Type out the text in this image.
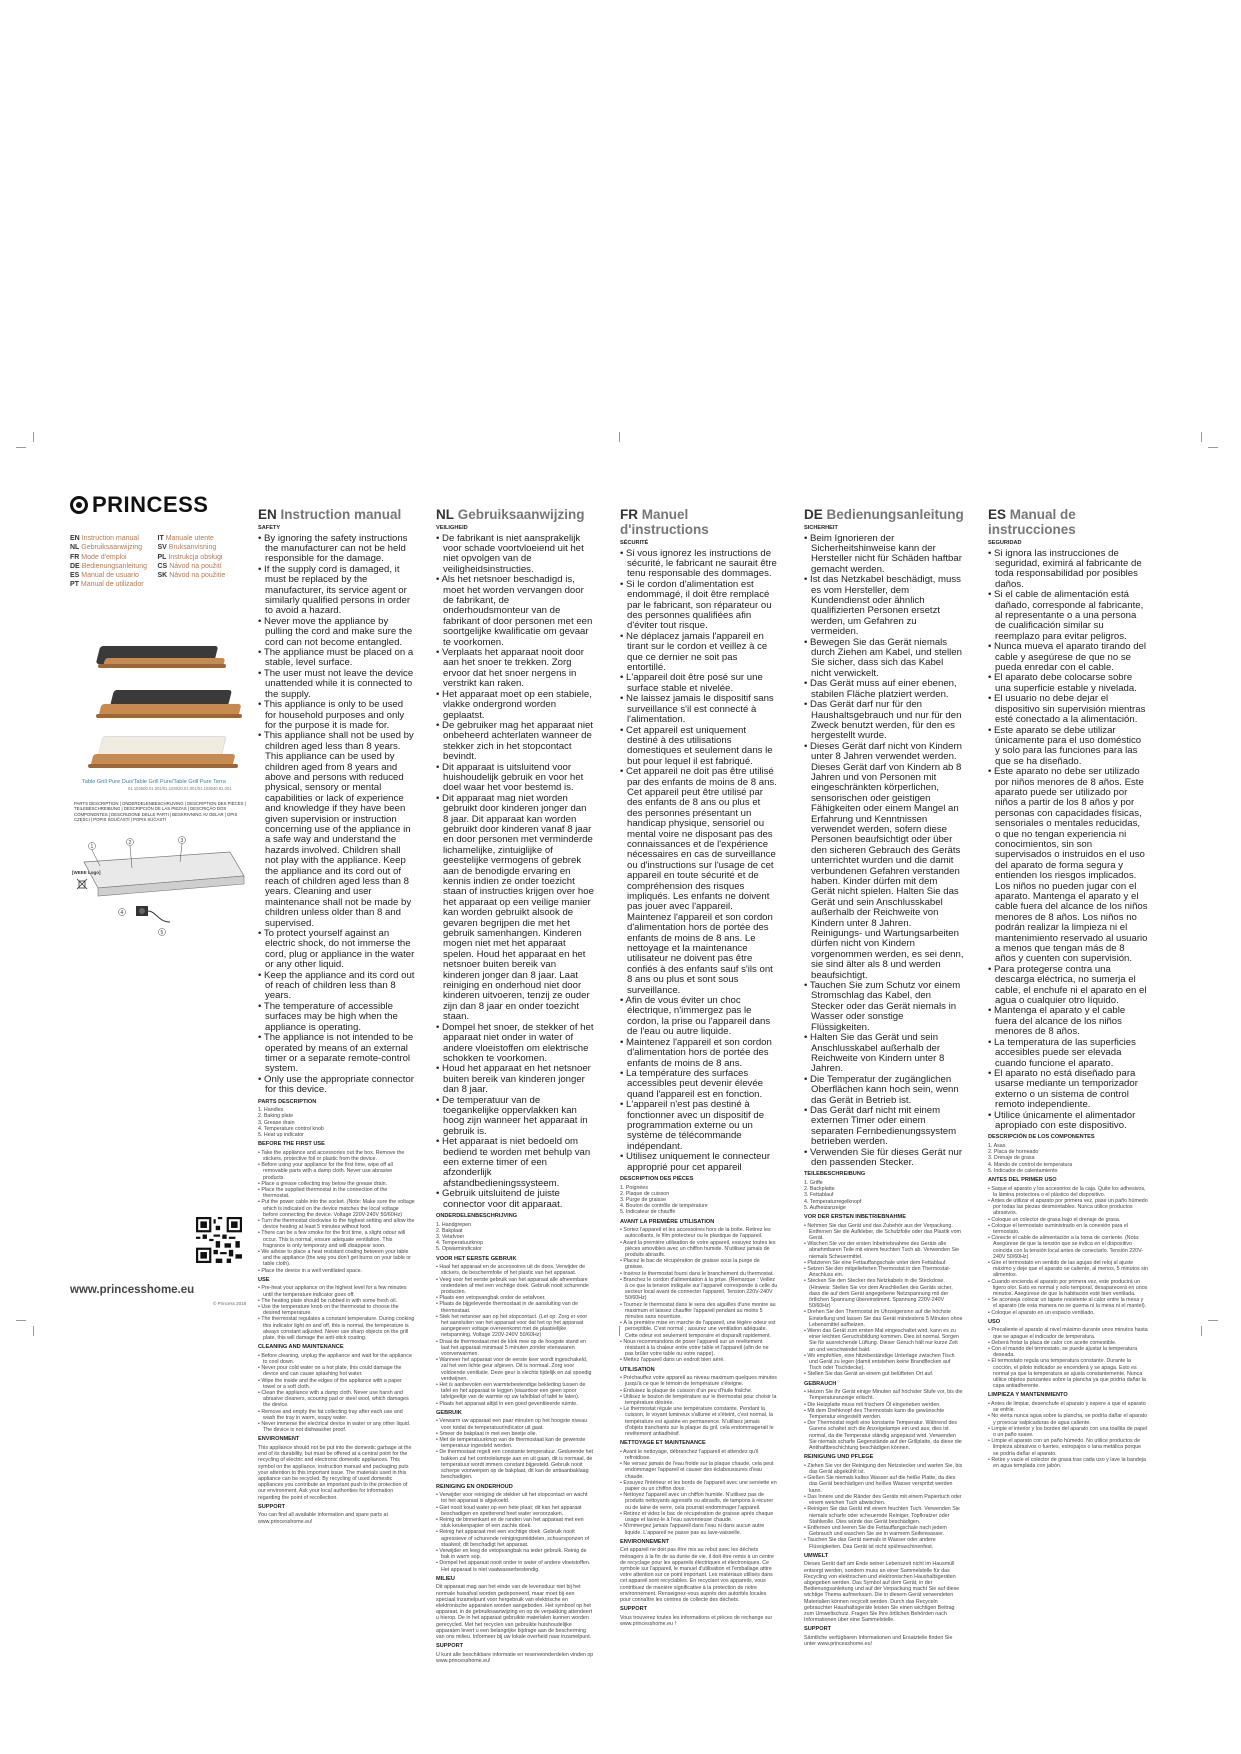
PRINCESS
EN Instruction manual	IT Manuale utente
NL Gebruiksaanwijzing	SV Bruksanvisning
FR Mode d'emploi	PL Instrukcja obsługi
DE Bedienungsanleitung	CS Návod na použití
ES Manual de usuario	SK Návod na použitie
PT Manual de utilizador
Table Grill Pure Duo/Table Grill Pure/Table Grill Pure Terra
01.102500.01.001/01.103020.01.001/01.103040.01.001
PARTS DESCRIPTION | ONDERDELENBESCHRIJVING | DESCRIPTION DES PIÈCES | TEILEBESCHREIBUNG | DESCRIPCIÓN DE LAS PIEZAS | DESCRIÇÃO DOS COMPONENTES | DESCRIZIONE DELLE PARTI | BESKRIVNING AV DELAR | OPIS CZĘŚCI | POPIS SOUČÁSTÍ | POPIS SÚČASTÍ
1
2	3
4
5
[WEEE Logo]
www.princesshome.eu
© Princess 2018
EN Instruction manual
SAFETY

• By ignoring the safety instructions the manufacturer can not be held responsible for the damage.

• If the supply cord is damaged, it must be replaced by the manufacturer, its service agent or similarly qualified persons in order to avoid a hazard.

• Never move the appliance by pulling the cord and make sure the cord can not become entangled.

• The appliance must be placed on a stable, level surface.

• The user must not leave the device unattended while it is connected to the supply.

• This appliance is only to be used for household purposes and only for the purpose it is made for.

• This appliance shall not be used by children aged less than 8 years. This appliance can be used by children aged from 8 years and above and persons with reduced physical, sensory or mental capabilities or lack of experience and knowledge if they have been given supervision or instruction concerning use of the appliance in a safe way and understand the hazards involved. Children shall not play with the appliance. Keep the appliance and its cord out of reach of children aged less than 8 years. Cleaning and user maintenance shall not be made by children unless older than 8 and supervised.

• To protect yourself against an electric shock, do not immerse the cord, plug or appliance in the water or any other liquid.

• Keep the appliance and its cord out of reach of children less than 8 years.

• The temperature of accessible surfaces may be high when the appliance is operating.

• The appliance is not intended to be operated by means of an external timer or a separate remote-control system.

• Only use the appropriate connector for this device.

PARTS DESCRIPTION

1. Handles

2. Baking plate

3. Grease drain

4. Temperature control knob

5. Heat up indicator

BEFORE THE FIRST USE

• Take the appliance and accessories out the box. Remove the stickers, protective foil or plastic from the device.

• Before using your appliance for the first time, wipe off all removable parts with a damp cloth. Never use abrasive products.

• Place a grease collecting tray below the grease drain.

• Place the supplied thermostat in the connection of the thermostat.

• Put the power cable into the socket. (Note: Make sure the voltage which is indicated on the device matches the local voltage before connecting the device. Voltage 220V-240V 50/60Hz)

• Turn the thermostat clockwise to the highest setting and allow the device heating at least 5 minutes without food.

• There can be a few smoke for the first time, a slight odour will occur. This is normal, ensure adequate ventilation. This fragrance is only temporary and will disappear soon.

• We advise to place a heat resistant coating between your table and the appliance (the way you don't get burns on your table or table cloth).

• Place the device in a well ventilated space.

USE

• Pre-heat your appliance on the highest level for a few minutes until the temperature indicator goes off.

• The heating plate should be rubbed in with some fresh oil.

• Use the temperature knob on the thermostat to choose the desired temperature.

• The thermostat regulates a constant temperature. During cooking this indicator light on and off, this is normal, the temperature is always constant adjusted. Never use sharp objects on the grill plate, this will damage the anti-stick coating.

CLEANING AND MAINTENANCE

• Before cleaning, unplug the appliance and wait for the appliance to cool down.

• Never pour cold water on a hot plate, this could damage the device and can cause splashing hot water.

• Wipe the inside and the edges of the appliance with a paper towel or a soft cloth.

• Clean the appliance with a damp cloth. Never use harsh and abrasive cleaners, scouring pad or steel wool, which damages the device.

• Remove and empty the fat collecting tray after each use and wash the tray in warm, soapy water.

• Never immerse the electrical device in water or any other liquid. The device is not dishwasher proof.

ENVIRONMENT

This appliance should not be put into the domestic garbage at the end of its durability, but must be offered at a central point for the recycling of electric and electronic domestic appliances. This symbol on the appliance, instruction manual and packaging puts your attention to this important issue. The materials used in this appliance can be recycled. By recycling of used domestic appliances you contribute an important push to the protection of our environment. Ask your local authorities for information regarding the point of recollection.

SUPPORT

You can find all available information and spare parts at www.princesshome.eu!

NL Gebruiksaanwijzing
VEILIGHEID

• De fabrikant is niet aansprakelijk voor schade voortvloeiend uit het niet opvolgen van de veiligheidsinstructies.

• Als het netsnoer beschadigd is, moet het worden vervangen door de fabrikant, de onderhoudsmonteur van de fabrikant of door personen met een soortgelijke kwalificatie om gevaar te voorkomen.

• Verplaats het apparaat nooit door aan het snoer te trekken. Zorg ervoor dat het snoer nergens in verstrikt kan raken.

• Het apparaat moet op een stabiele, vlakke ondergrond worden geplaatst.

• De gebruiker mag het apparaat niet onbeheerd achterlaten wanneer de stekker zich in het stopcontact bevindt.

• Dit apparaat is uitsluitend voor huishoudelijk gebruik en voor het doel waar het voor bestemd is.

• Dit apparaat mag niet worden gebruikt door kinderen jonger dan 8 jaar. Dit apparaat kan worden gebruikt door kinderen vanaf 8 jaar en door personen met verminderde lichamelijke, zintuiglijke of geestelijke vermogens of gebrek aan de benodigde ervaring en kennis indien ze onder toezicht staan of instructies krijgen over hoe het apparaat op een veilige manier kan worden gebruikt alsook de gevaren begrijpen die met het gebruik samenhangen. Kinderen mogen niet met het apparaat spelen. Houd het apparaat en het netsnoer buiten bereik van kinderen jonger dan 8 jaar. Laat reiniging en onderhoud niet door kinderen uitvoeren, tenzij ze ouder zijn dan 8 jaar en onder toezicht staan.

• Dompel het snoer, de stekker of het apparaat niet onder in water of andere vloeistoffen om elektrische schokken te voorkomen.

• Houd het apparaat en het netsnoer buiten bereik van kinderen jonger dan 8 jaar.

• De temperatuur van de toegankelijke oppervlakken kan hoog zijn wanneer het apparaat in gebruik is.

• Het apparaat is niet bedoeld om bediend te worden met behulp van een externe timer of een afzonderlijk afstandbedieningssysteem.

• Gebruik uitsluitend de juiste connector voor dit apparaat.

ONDERDELENBESCHRIJVING

1. Handgrepen

2. Bakplaat

3. Vetafvoer

4. Temperatuurknop

5. Opwarmindicator

VOOR HET EERSTE GEBRUIK

• Haal het apparaat en de accessoires uit de doos. Verwijder de stickers, de beschermfolie of het plastic van het apparaat.

• Veeg voor het eerste gebruik van het apparaat alle afneembare onderdelen af met een vochtige doek. Gebruik nooit schurende producten.

• Plaats een vetopvangbak onder de vetafvoer.

• Plaats de bijgeleverde thermostaat in de aansluiting van de thermostaat.

• Stek het netsnoer aan op het stopcontact. (Let op: Zorg er voor het aansluiten van het apparaat voor dat het op het apparaat aangegeven voltage overeenkomt met de plaatselijke netspanning. Voltage 220V-240V 50/60Hz)

• Draai de thermostaat met de klok mee op de hoogste stand en laat het apparaat minimaal 5 minuten zonder etenswaren voorverwarmen.

• Wanneer het apparaat voor de eerste keer wordt ingeschakeld, zal het een lichte geur afgeven. Dit is normaal. Zorg voor voldoende ventilatie. Deze geur is slechts tijdelijk en zal spoedig verdwijnen.

• Het is aanbevolen een warmtebestendige bekleding tussen de tafel en het apparaat te leggen (waardoor een geen spoor tafelgeeltje van de warmte op uw tafelblad of tafel te laten).

• Plaats het apparaat altijd in een goed geventileerde ruimte.

GEBRUIK

• Verwarm uw apparaat een paar minuten op het hoogste niveau voor totdat de temperatuurindicator uit gaat.

• Smeer de bakplaat in met een beetje olie.

• Met de temperatuurknop van de thermostaat kan de gewenste temperatuur ingesteld worden.

• De thermostaat regelt een constante temperatuur. Gedurende het bakken zal het controlelampje aan en uit gaan, dit is normaal, de temperatuur wordt immers constant bijgesteld. Gebruik nooit scherpe voorwerpen op de bakplaat, dit kan de antiaanbaklaag beschadigen.

REINIGING EN ONDERHOUD

• Verwijder voor reiniging de stekker uit het stopcontact en wacht tot het apparaat is afgekoeld.

• Giet nooit koud water op een hete plaat; dit kan het apparaat beschadigen en spetterend heet water veroorzaken.

• Reinig de binnenkant en de randen van het apparaat met een stuk keukenpapier of een zachte doek.

• Reinig het apparaat met een vochtige doek. Gebruik nooit agressieve of schurende reinigingsmiddelen, schuursponzen of staalwol; dit beschadigt het apparaat.

• Verwijder en leeg de vetopvangbak na ieder gebruik. Reinig de bak in warm sop.

• Dompel het apparaat nooit onder in water of andere vloeistoffen. Het apparaat is niet vaatwasserbestendig.

MILIEU

Dit apparaat mag aan het einde van de levensduur niet bij het normale huisafval worden gedeponeerd, maar moet bij een speciaal inzamelpunt voor hergebruik van elektrische en elektronische apparaten worden aangeboden. Het symbool op het apparaat, in de gebruiksaanwijzing en op de verpakking attendeert u hierop. De in het apparaat gebruikte materialen kunnen worden gerecycled. Met het recyclen van gebruikte huishoudelijke apparaten levert u een belangrijke bijdrage aan de bescherming van ons milieu. Informeer bij uw lokale overheid naar inzamelpunt.

SUPPORT

U kunt alle beschikbare informatie en reserveonderdelen vinden op www.princesshome.eu!

FR Manuel d'instructions
SÉCURITÉ

• Si vous ignorez les instructions de sécurité, le fabricant ne saurait être tenu responsable des dommages.

• Si le cordon d'alimentation est endommagé, il doit être remplacé par le fabricant, son réparateur ou des personnes qualifiées afin d'éviter tout risque.

• Ne déplacez jamais l'appareil en tirant sur le cordon et veillez à ce que ce dernier ne soit pas entortillé.

• L'appareil doit être posé sur une surface stable et nivelée.

• Ne laissez jamais le dispositif sans surveillance s'il est connecté à l'alimentation.

• Cet appareil est uniquement destiné à des utilisations domestiques et seulement dans le but pour lequel il est fabriqué.

• Cet appareil ne doit pas être utilisé par des enfants de moins de 8 ans. Cet appareil peut être utilisé par des enfants de 8 ans ou plus et des personnes présentant un handicap physique, sensoriel ou mental voire ne disposant pas des connaissances et de l'expérience nécessaires en cas de surveillance ou d'instructions sur l'usage de cet appareil en toute sécurité et de compréhension des risques impliqués. Les enfants ne doivent pas jouer avec l'appareil. Maintenez l'appareil et son cordon d'alimentation hors de portée des enfants de moins de 8 ans. Le nettoyage et la maintenance utilisateur ne doivent pas être confiés à des enfants sauf s'ils ont 8 ans ou plus et sont sous surveillance.

• Afin de vous éviter un choc électrique, n'immergez pas le cordon, la prise ou l'appareil dans de l'eau ou autre liquide.

• Maintenez l'appareil et son cordon d'alimentation hors de portée des enfants de moins de 8 ans.

• La température des surfaces accessibles peut devenir élevée quand l'appareil est en fonction.

• L'appareil n'est pas destiné à fonctionner avec un dispositif de programmation externe ou un système de télécommande indépendant.

• Utilisez uniquement le connecteur approprié pour cet appareil

DESCRIPTION DES PIÈCES

1. Poignées

2. Plaque de cuisson

3. Purge de graisse

4. Bouton de contrôle de température

5. Indicateur de chauffe

AVANT LA PREMIÈRE UTILISATION

• Sortez l'appareil et les accessoires hors de la boîte. Retirez les autocollants, le film protecteur ou le plastique de l'appareil.

• Avant la première utilisation de votre appareil, essuyez toutes les pièces amovibles avec un chiffon humide. N'utilisez jamais de produits abrasifs.

• Placez le bac de récupération de graisse sous la purge de graisse.

• Insérez le thermostat fourni dans le branchement du thermostat.

• Branchez le cordon d'alimentation à la prise. (Remarque : Veillez à ce que la tension indiquée sur l'appareil corresponde à celle du secteur local avant de connecter l'appareil. Tension 220V-240V 50/60Hz)

• Tournez le thermostat dans le sens des aiguilles d'une montre au maximum et laissez chauffer l'appareil pendant au moins 5 minutes sans nourriture.

• À la première mise en marche de l'appareil, une légère odeur est perceptible. C'est normal ; assurez une ventilation adéquate. Cette odeur est seulement temporaire et disparaît rapidement.

• Nous recommandons de poser l'appareil sur un revêtement résistant à la chaleur entre votre table et l'appareil (afin de ne pas brûler votre table ou votre nappe).

• Mettez l'appareil dans un endroit bien aéré.

UTILISATION

• Préchauffez votre appareil au niveau maximum quelques minutes jusqu'à ce que le témoin de température s'éteigne.

• Enduisez la plaque de cuisson d'un peu d'huile fraîche.

• Utilisez le bouton de température sur le thermostat pour choisir la température désirée.

• Le thermostat régule une température constante. Pendant la cuisson, le voyant lumineux s'allume et s'éteint, c'est normal, la température est ajustée en permanence. N'utilisez jamais d'objets tranchants sur la plaque du gril, cela endommagerait le revêtement antiadhésif.

NETTOYAGE ET MAINTENANCE

• Avant le nettoyage, débranchez l'appareil et attendez qu'il refroidisse.

• Ne versez jamais de l'eau froide sur la plaque chaude, cela peut endommager l'appareil et causer des éclaboussures d'eau chaude.

• Essuyez l'intérieur et les bords de l'appareil avec une serviette en papier ou un chiffon doux.

• Nettoyez l'appareil avec un chiffon humide. N'utilisez pas de produits nettoyants agressifs ou abrasifs, de tampons à récurer ou de laine de verre, cela pourrait endommager l'appareil.

• Retirez et videz le bac de récupération de graisse après chaque usage et lavez-le à l'eau savonneuse chaude.

• N'immergez jamais l'appareil dans l'eau ni dans aucun autre liquide. L'appareil ne passe pas au lave-vaisselle.

ENVIRONNEMENT

Cet appareil ne doit pas être mis au rebut avec les déchets ménagers à la fin de sa durée de vie, il doit être remis à un centre de recyclage pour les appareils électriques et électroniques. Ce symbole sur l'appareil, le manuel d'utilisation et l'emballage attire votre attention sur ce point important. Les matériaux utilisés dans cet appareil sont recyclables. En recyclant vos appareils, vous contribuez de manière significative à la protection de notre environnement. Renseignez-vous auprès des autorités locales pour connaître les centres de collecte des déchets.

SUPPORT

Vous trouverez toutes les informations et pièces de rechange sur www.princesshome.eu !

DE Bedienungsanleitung
SICHERHEIT

• Beim Ignorieren der Sicherheitshinweise kann der Hersteller nicht für Schäden haftbar gemacht werden.

• Ist das Netzkabel beschädigt, muss es vom Hersteller, dem Kundendienst oder ähnlich qualifizierten Personen ersetzt werden, um Gefahren zu vermeiden.

• Bewegen Sie das Gerät niemals durch Ziehen am Kabel, und stellen Sie sicher, dass sich das Kabel nicht verwickelt.

• Das Gerät muss auf einer ebenen, stabilen Fläche platziert werden.

• Das Gerät darf nur für den Haushaltsgebrauch und nur für den Zweck benutzt werden, für den es hergestellt wurde.

• Dieses Gerät darf nicht von Kindern unter 8 Jahren verwendet werden. Dieses Gerät darf von Kindern ab 8 Jahren und von Personen mit eingeschränkten körperlichen, sensorischen oder geistigen Fähigkeiten oder einem Mangel an Erfahrung und Kenntnissen verwendet werden, sofern diese Personen beaufsichtigt oder über den sicheren Gebrauch des Geräts unterrichtet wurden und die damit verbundenen Gefahren verstanden haben. Kinder dürfen mit dem Gerät nicht spielen. Halten Sie das Gerät und sein Anschlusskabel außerhalb der Reichweite von Kindern unter 8 Jahren. Reinigungs- und Wartungsarbeiten dürfen nicht von Kindern vorgenommen werden, es sei denn, sie sind älter als 8 und werden beaufsichtigt.

• Tauchen Sie zum Schutz vor einem Stromschlag das Kabel, den Stecker oder das Gerät niemals in Wasser oder sonstige Flüssigkeiten.

• Halten Sie das Gerät und sein Anschlusskabel außerhalb der Reichweite von Kindern unter 8 Jahren.

• Die Temperatur der zugänglichen Oberflächen kann hoch sein, wenn das Gerät in Betrieb ist.

• Das Gerät darf nicht mit einem externen Timer oder einem separaten Fernbedienungssystem betrieben werden.

• Verwenden Sie für dieses Gerät nur den passenden Stecker.

TEILEBESCHREIBUNG

1. Griffe

2. Backplatte

3. Fettablauf

4. Temperaturregelknopf

5. Aufheizanzeige

VOR DER ERSTEN INBETRIEBNAHME

• Nehmen Sie das Gerät und das Zubehör aus der Verpackung. Entfernen Sie die Aufkleber, die Schutzfolie oder das Plastik vom Gerät.

• Wischen Sie vor der ersten Inbetriebnahme des Geräts alle abnehmbaren Teile mit einem feuchten Tuch ab. Verwenden Sie niemals Scheuermittel.

• Platzieren Sie eine Fettauffangschale unter dem Fettablauf.

• Setzen Sie den mitgelieferten Thermostat in den Thermostat-Anschluss ein.

• Stecken Sie den Stecker des Netzkabels in die Steckdose. (Hinweis: Stellen Sie vor dem Anschließen des Geräts sicher, dass die auf dem Gerät angegebene Netzspannung mit der örtlichen Spannung übereinstimmt. Spannung 220V-240V 50/60Hz)

• Drehen Sie den Thermostat im Uhrzeigersinn auf die höchste Einstellung und lassen Sie das Gerät mindestens 5 Minuten ohne Lebensmittel aufheizen.

• Wenn das Gerät zum ersten Mal eingeschaltet wird, kann es zu einer leichten Geruchsbildung kommen. Dies ist normal. Sorgen Sie für ausreichende Lüftung. Dieser Geruch hält nur kurze Zeit an und verschwindet bald.

• Wir empfehlen, eine hitzebeständige Unterlage zwischen Tisch und Gerät zu legen (damit entstehen keine Brandflecken auf Tisch oder Tischdecke).

• Stellen Sie das Gerät an einem gut belüfteten Ort auf.

GEBRAUCH

• Heizen Sie Ihr Gerät einige Minuten auf höchster Stufe vor, bis die Temperaturanzeige erlischt.

• Die Heizplatte muss mit frischem Öl eingerieben werden.

• Mit dem Drehknopf des Thermostats kann die gewünschte Temperatur eingestellt werden.

• Der Thermostat regelt eine konstante Temperatur. Während des Garens schaltet sich die Anzeigelampe ein und aus; dies ist normal, da die Temperatur ständig angepasst wird. Verwenden Sie niemals scharfe Gegenstände auf der Grillplatte, da diese die Antihaftbeschichtung beschädigen können.

REINIGUNG UND PFLEGE

• Ziehen Sie vor der Reinigung den Netzstecker und warten Sie, bis das Gerät abgekühlt ist.

• Gießen Sie niemals kaltes Wasser auf die heiße Platte, da dies das Gerät beschädigen und heißes Wasser verspritzt werden kann.

• Das Innere und die Ränder des Geräts mit einem Papiertuch oder einem weichen Tuch abwischen.

• Reinigen Sie das Gerät mit einem feuchten Tuch. Verwenden Sie niemals scharfe oder scheuernde Reiniger, Topfkratzer oder Stahlwolle. Dies würde das Gerät beschädigen.

• Entfernen und leeren Sie die Fettauffangschale nach jedem Gebrauch und waschen Sie sie in warmem Seifenwasser.

• Tauchen Sie das Gerät niemals in Wasser oder andere Flüssigkeiten. Das Gerät ist nicht spülmaschinenfest.

UMWELT

Dieses Gerät darf am Ende seiner Lebenszeit nicht im Hausmüll entsorgt werden, sondern muss an einer Sammelstelle für das Recycling von elektrischen und elektronischen Haushaltsgeräten abgegeben werden. Das Symbol auf dem Gerät, in der Bedienungsanleitung und auf der Verpackung macht Sie auf diese wichtige Thema aufmerksam. Die in diesem Gerät verwendeten Materialien können recycelt werden. Durch das Recyceln gebrauchter Haushaltsgeräte leisten Sie einen wichtigen Beitrag zum Umweltschutz. Fragen Sie Ihre örtlichen Behörden nach Informationen über eine Sammelstelle.

SUPPORT

Sämtliche verfügbaren Informationen und Ersatzteile finden Sie unter www.princesshome.eu!

ES Manual de instrucciones
SEGURIDAD

• Si ignora las instrucciones de seguridad, eximirá al fabricante de toda responsabilidad por posibles daños.

• Si el cable de alimentación está dañado, corresponde al fabricante, al representante o a una persona de cualificación similar su reemplazo para evitar peligros.

• Nunca mueva el aparato tirando del cable y asegúrese de que no se pueda enredar con el cable.

• El aparato debe colocarse sobre una superficie estable y nivelada.

• El usuario no debe dejar el dispositivo sin supervisión mientras esté conectado a la alimentación.

• Este aparato se debe utilizar únicamente para el uso doméstico y solo para las funciones para las que se ha diseñado.

• Este aparato no debe ser utilizado por niños menores de 8 años. Este aparato puede ser utilizado por niños a partir de los 8 años y por personas con capacidades físicas, sensoriales o mentales reducidas, o que no tengan experiencia ni conocimientos, sin son supervisados o instruidos en el uso del aparato de forma segura y entienden los riesgos implicados. Los niños no pueden jugar con el aparato. Mantenga el aparato y el cable fuera del alcance de los niños menores de 8 años. Los niños no podrán realizar la limpieza ni el mantenimiento reservado al usuario a menos que tengan más de 8 años y cuenten con supervisión.

• Para protegerse contra una descarga eléctrica, no sumerja el cable, el enchufe ni el aparato en el agua o cualquier otro líquido.

• Mantenga el aparato y el cable fuera del alcance de los niños menores de 8 años.

• La temperatura de las superficies accesibles puede ser elevada cuando funcione el aparato.

• El aparato no está diseñado para usarse mediante un temporizador externo o un sistema de control remoto independiente.

• Utilice únicamente el alimentador apropiado con este dispositivo.

DESCRIPCIÓN DE LOS COMPONENTES

1. Asas

2. Placa de horneado

3. Drenaje de grasa

4. Mando de control de temperatura

5. Indicador de calentamiento

ANTES DEL PRIMER USO

• Saque el aparato y los accesorios de la caja. Quite los adhesivos, la lámina protectora o el plástico del dispositivo.

• Antes de utilizar el aparato por primera vez, pase un paño húmedo por todas las piezas desmontables. Nunca utilice productos abrasivos.

• Coloque un colector de grasa bajo el drenaje de grasa.

• Coloque el termostato suministrado en la conexión para el termostato.

• Conecte el cable de alimentación a la toma de corriente. (Nota: Asegúrese de que la tensión que se indica en el dispositivo coincida con la tensión local antes de conectarlo. Tensión 220V-240V 50/60Hz)

• Gire el termostato en sentido de las agujas del reloj al ajuste máximo y deje que el aparato se caliente, al menos, 5 minutos sin alimentos.

• Cuando encienda el aparato por primera vez, este producirá un ligero olor. Esto es normal y solo temporal, desaparecerá en unos minutos. Asegúrese de que la habitación esté bien ventilada.

• Se aconseja colocar un tapete resistente al calor entre la mesa y el aparato (de esta manera no se quema ni la mesa ni el mantel).

• Coloque el aparato en un espacio ventilado.

USO

• Precaliente el aparato al nivel máximo durante unos minutos hasta que se apague el indicador de temperatura.

• Deberá frotar la placa de calor con aceite comestible.

• Con el mando del termostato, se puede ajustar la temperatura deseada.

• El termostato regula una temperatura constante. Durante la cocción, el piloto indicador se encenderá y se apaga. Esto es normal ya que la temperatura se ajusta constantemente. Nunca utilice objetos punzantes sobre la plancha ya que podría dañar la capa antiadherente.

LIMPIEZA Y MANTENIMIENTO

• Antes de limpiar, desenchufe el aparato y espere a que el aparato se enfríe.

• No vierta nunca agua sobre la plancha, se podría dañar el aparato y provocar salpicaduras de agua caliente.

• Limpie el interior y los bordes del aparato con una toallita de papel o un paño suave.

• Limpie el aparato con un paño húmedo. No utilice productos de limpieza abrasivos o fuertes, estropajos o lana metálica porque se podría dañar el aparato.

• Retire y vacíe el colector de grasa tras cada uso y lave la bandeja en agua templada con jabón.
